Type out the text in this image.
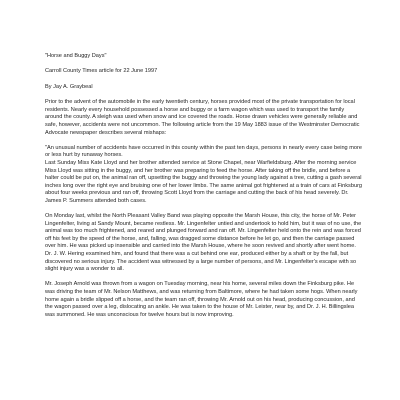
"Horse and Buggy Days"

Carroll County Times article for 22 June 1997

By Jay A. Graybeal

Prior to the advent of the automobile in the early twentieth century, horses provided most of the private transportation for local residents. Nearly every household possessed a horse and buggy or a farm wagon which was used to transport the family around the county. A sleigh was used when snow and ice covered the roads. Horse drawn vehicles were generally reliable and safe, however, accidents were not uncommon. The following article from the 19 May 1883 issue of the Westminster Democratic Advocate newspaper describes several mishaps:

"An unusual number of accidents have occurred in this county within the past ten days, persons in nearly every case being more or less hurt by runaway horses.

Last Sunday Miss Kate Lloyd and her brother attended service at Stone Chapel, near Warfieldsburg. After the morning service Miss Lloyd was sitting in the buggy, and her brother was preparing to feed the horse. After taking off the bridle, and before a halter could be put on, the animal ran off, upsetting the buggy and throwing the young lady against a tree, cutting a gash several inches long over the right eye and bruising one of her lower limbs. The same animal got frightened at a train of cars at Finksburg about four weeks previous and ran off, throwing Scott Lloyd from the carriage and cutting the back of his head severely. Dr. James P. Summers attended both cases.

On Monday last, whilst the North Pleasant Valley Band was playing opposite the Marsh House, this city, the horse of Mr. Peter Lingenfelter, living at Sandy Mount, became restless. Mr. Lingenfelter untied and undertook to hold him, but it was of no use, the animal was too much frightened, and reared and plunged forward and ran off. Mr. Lingenfelter held onto the rein and was forced off his feet by the speed of the horse, and, falling, was dragged some distance before he let go, and then the carriage passed over him. He was picked up insensible and carried into the Marsh House, where he soon revived and shortly after went home. Dr. J. W. Hering examined him, and found that there was a cut behind one ear, produced either by a shaft or by the fall, but discovered no serious injury. The accident was witnessed by a large number of persons, and Mr. Lingenfelter's escape with so slight injury was a wonder to all.

Mr. Joseph Arnold was thrown from a wagon on Tuesday morning, near his home, several miles down the Finksburg pike. He was driving the team of Mr. Nelson Matthews, and was returning from Baltimore, where he had taken some hogs. When nearly home again a bridle slipped off a horse, and the team ran off, throwing Mr. Arnold out on his head, producing concussion, and the wagon passed over a leg, dislocating an ankle. He was taken to the house of Mr. Leister, near by, and Dr. J. H. Billingslea was summoned. He was unconscious for twelve hours but is now improving.
